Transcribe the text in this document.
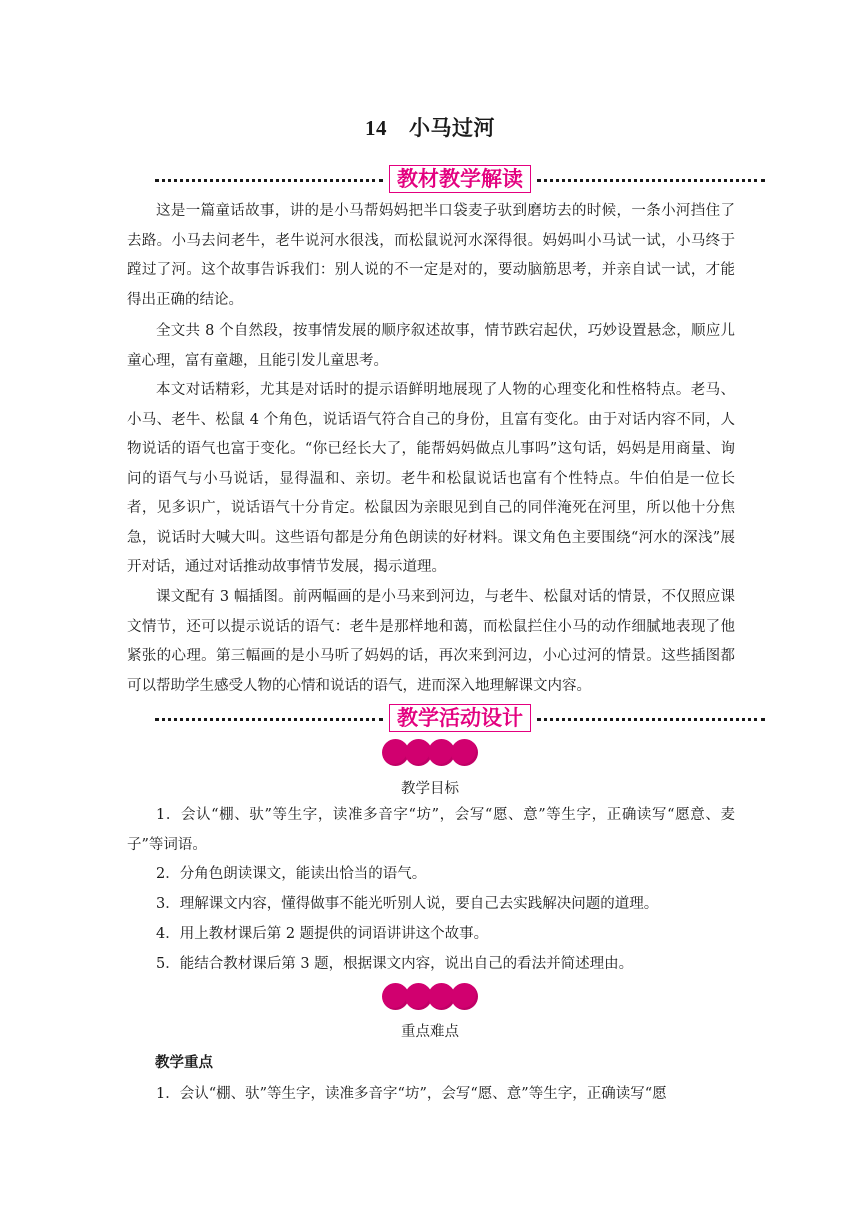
14 小马过河
教材教学解读

这是一篇童话故事，讲的是小马帮妈妈把半口袋麦子驮到磨坊去的时候，一条小河挡住了去路。小马去问老牛，老牛说河水很浅，而松鼠说河水深得很。妈妈叫小马试一试，小马终于蹚过了河。这个故事告诉我们：别人说的不一定是对的，要动脑筋思考，并亲自试一试，才能得出正确的结论。

全文共 8 个自然段，按事情发展的顺序叙述故事，情节跌宕起伏，巧妙设置悬念，顺应儿童心理，富有童趣，且能引发儿童思考。

本文对话精彩，尤其是对话时的提示语鲜明地展现了人物的心理变化和性格特点。老马、小马、老牛、松鼠 4 个角色，说话语气符合自己的身份，且富有变化。由于对话内容不同，人物说话的语气也富于变化。“你已经长大了，能帮妈妈做点儿事吗”这句话，妈妈是用商量、询问的语气与小马说话，显得温和、亲切。老牛和松鼠说话也富有个性特点。牛伯伯是一位长者，见多识广，说话语气十分肯定。松鼠因为亲眼见到自己的同伴淹死在河里，所以他十分焦急，说话时大喊大叫。这些语句都是分角色朗读的好材料。课文角色主要围绕“河水的深浅”展开对话，通过对话推动故事情节发展，揭示道理。

课文配有 3 幅插图。前两幅画的是小马来到河边，与老牛、松鼠对话的情景，不仅照应课文情节，还可以提示说话的语气：老牛是那样地和蔼，而松鼠拦住小马的动作细腻地表现了他紧张的心理。第三幅画的是小马听了妈妈的话，再次来到河边，小心过河的情景。这些插图都可以帮助学生感受人物的心情和说话的语气，进而深入地理解课文内容。

教学活动设计
教学目标

1．会认“棚、驮”等生字，读准多音字“坊”，会写“愿、意”等生字，正确读写“愿意、麦子”等词语。

2．分角色朗读课文，能读出恰当的语气。

3．理解课文内容，懂得做事不能光听别人说，要自己去实践解决问题的道理。

4．用上教材课后第 2 题提供的词语讲讲这个故事。

5．能结合教材课后第 3 题，根据课文内容，说出自己的看法并简述理由。

重点难点
教学重点

1．会认“棚、驮”等生字，读准多音字“坊”，会写“愿、意”等生字，正确读写“愿
